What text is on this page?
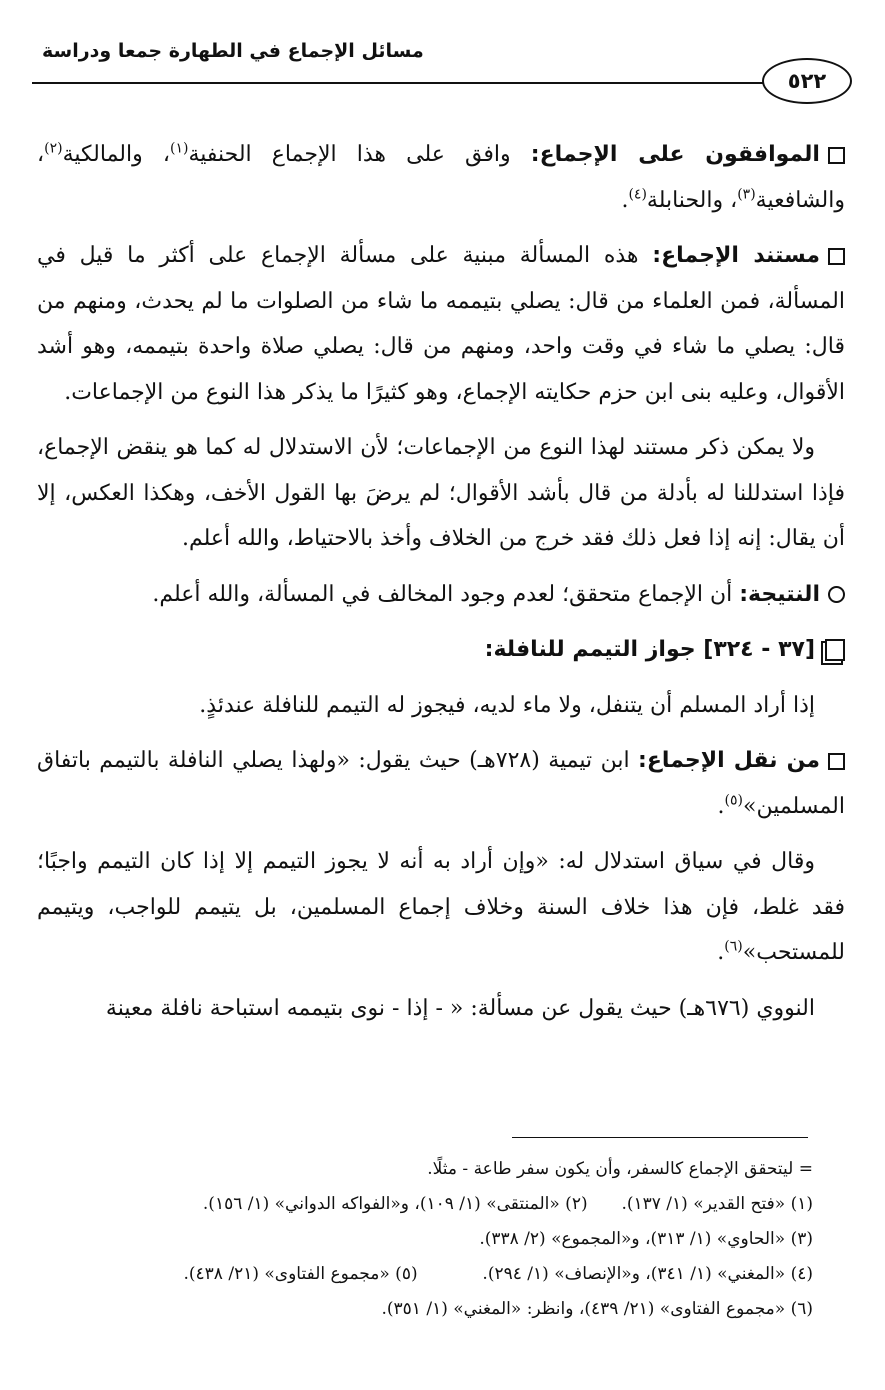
مسائل الإجماع في الطهارة جمعا ودراسة
٥٢٢

الموافقون على الإجماع: وافق على هذا الإجماع الحنفية$^{(١)}$، والمالكية$^{(٢)}$، والشافعية$^{(٣)}$، والحنابلة$^{(٤)}$.

مستند الإجماع: هذه المسألة مبنية على مسألة الإجماع على أكثر ما قيل في المسألة، فمن العلماء من قال: يصلي بتيممه ما شاء من الصلوات ما لم يحدث، ومنهم من قال: يصلي ما شاء في وقت واحد، ومنهم من قال: يصلي صلاة واحدة بتيممه، وهو أشد الأقوال، وعليه بنى ابن حزم حكايته الإجماع، وهو كثيرًا ما يذكر هذا النوع من الإجماعات.

ولا يمكن ذكر مستند لهذا النوع من الإجماعات؛ لأن الاستدلال له كما هو ينقض الإجماع، فإذا استدللنا له بأدلة من قال بأشد الأقوال؛ لم يرضَ بها القول الأخف، وهكذا العكس، إلا أن يقال: إنه إذا فعل ذلك فقد خرج من الخلاف وأخذ بالاحتياط، والله أعلم.

النتيجة: أن الإجماع متحقق؛ لعدم وجود المخالف في المسألة، والله أعلم.

[٣٧ - ٣٢٤] جواز التيمم للنافلة:

إذا أراد المسلم أن يتنفل، ولا ماء لديه، فيجوز له التيمم للنافلة عندئذٍ.

من نقل الإجماع: ابن تيمية (٧٢٨هـ) حيث يقول: «ولهذا يصلي النافلة بالتيمم باتفاق المسلمين»$^{(٥)}$.

وقال في سياق استدلال له: «وإن أراد به أنه لا يجوز التيمم إلا إذا كان التيمم واجبًا؛ فقد غلط، فإن هذا خلاف السنة وخلاف إجماع المسلمين، بل يتيمم للواجب، ويتيمم للمستحب»$^{(٦)}$.

النووي (٦٧٦هـ) حيث يقول عن مسألة: « - إذا - نوى بتيممه استباحة نافلة معينة

= ليتحقق الإجماع كالسفر، وأن يكون سفر طاعة - مثلًا.
(١) «فتح القدير» (١/ ١٣٧). (٢) «المنتقى» (١/ ١٠٩)، و«الفواكه الدواني» (١/ ١٥٦).
(٣) «الحاوي» (١/ ٣١٣)، و«المجموع» (٢/ ٣٣٨).
(٤) «المغني» (١/ ٣٤١)، و«الإنصاف» (١/ ٢٩٤). (٥) «مجموع الفتاوى» (٢١/ ٤٣٨).
(٦) «مجموع الفتاوى» (٢١/ ٤٣٩)، وانظر: «المغني» (١/ ٣٥١).
